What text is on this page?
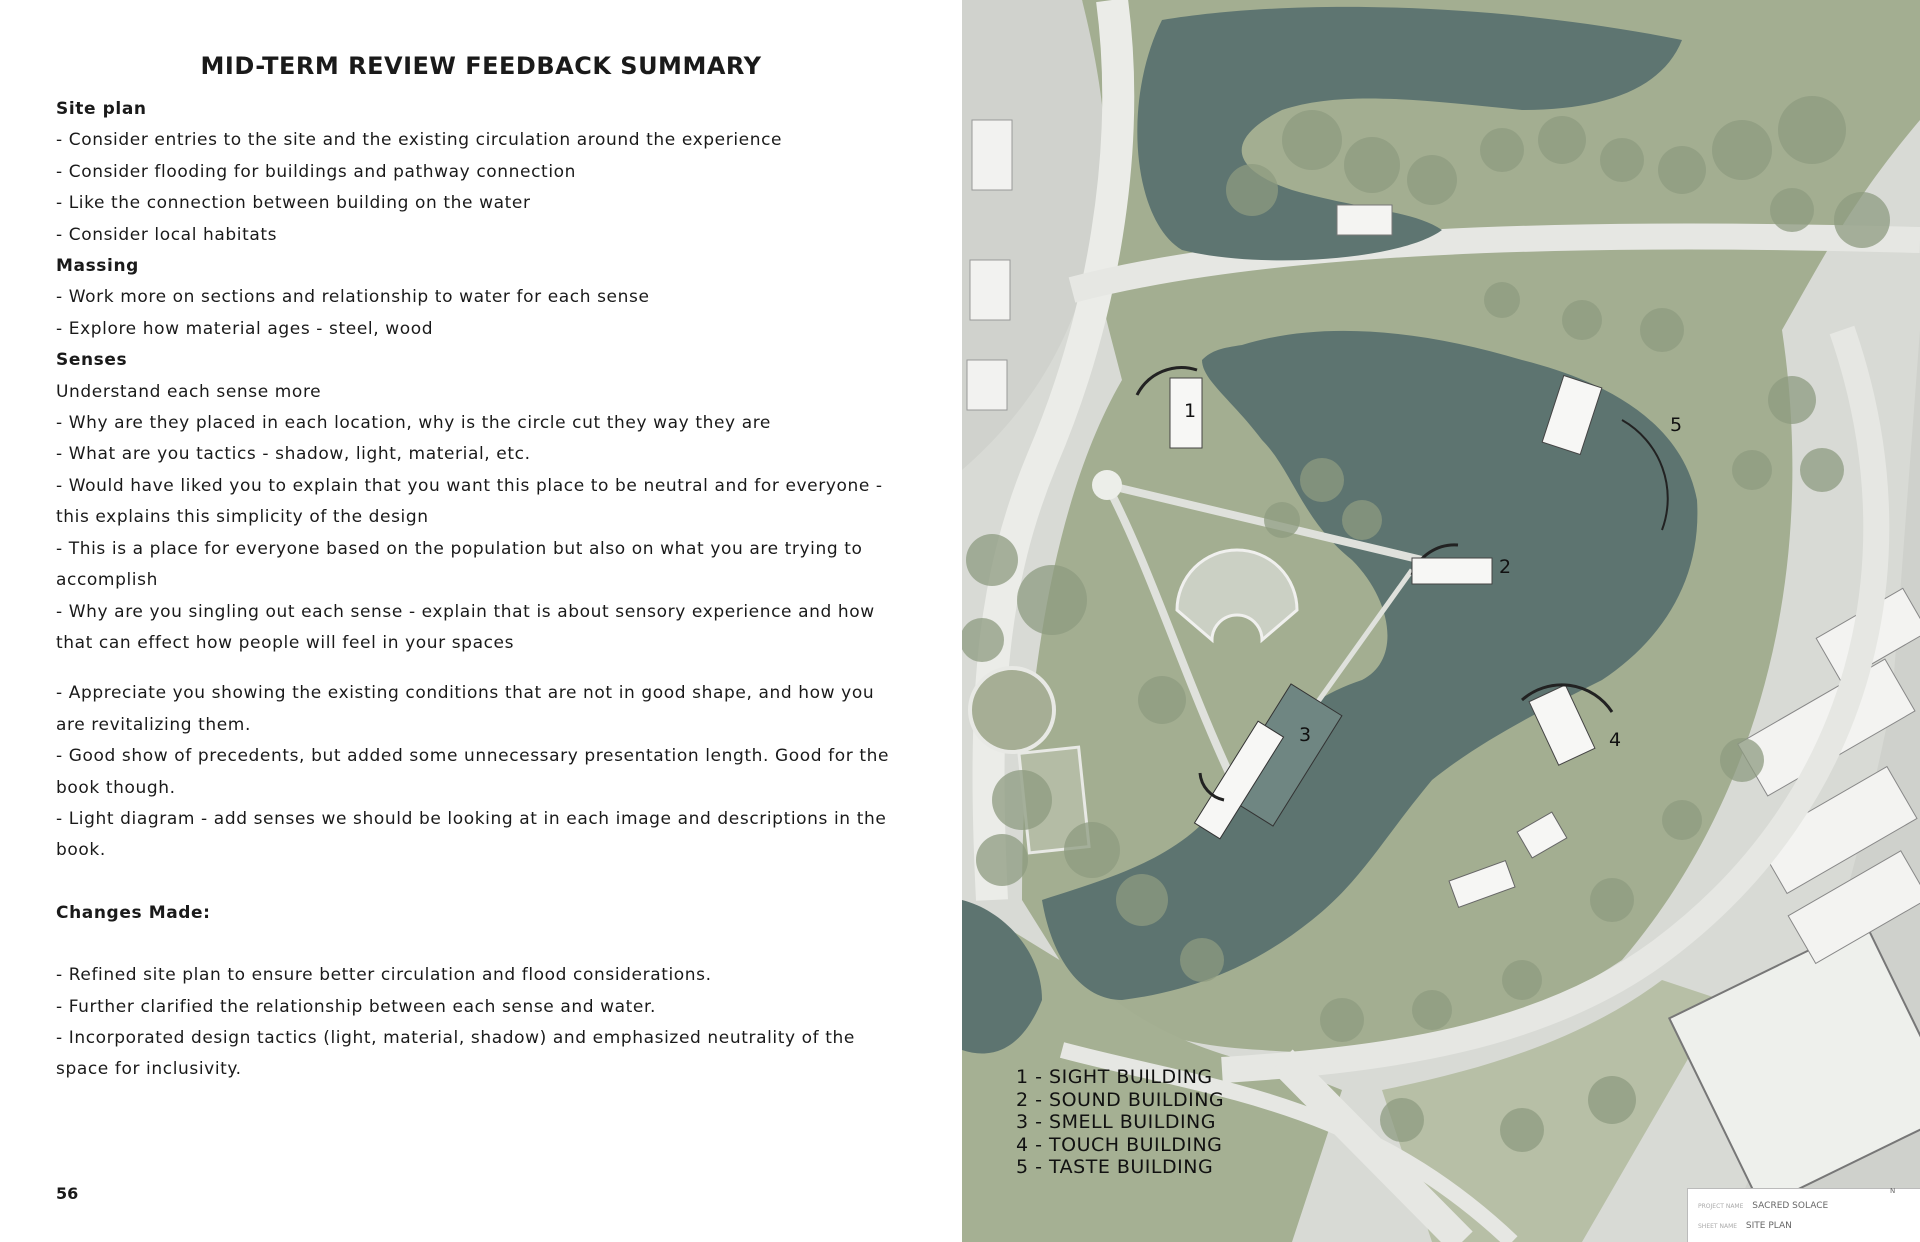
MID-TERM REVIEW FEEDBACK SUMMARY

Site plan

- Consider entries to the site and the existing circulation around the experience

- Consider flooding for buildings and pathway connection

- Like the connection between building on the water

- Consider local habitats

Massing

- Work more on sections and relationship to water for each sense

- Explore how material ages - steel, wood

Senses

Understand each sense more

- Why are they placed in each location, why is the circle cut they way they are

- What are you tactics - shadow, light, material, etc.

- Would have liked you to explain that you want this place to be neutral and for everyone - this explains this simplicity of the design

- This is a place for everyone based on the population but also on what you are trying to accomplish

- Why are you singling out each sense - explain that is about sensory experience and how that can effect how people will feel in your spaces

- Appreciate you showing the existing conditions that are not in good shape, and how you are revitalizing them.

- Good show of precedents, but added some unnecessary presentation length. Good for the book though.

- Light diagram - add senses we should be looking at in each image and descriptions in the book.

Changes Made:

- Refined site plan to ensure better circulation and flood considerations.

- Further clarified the relationship between each sense and water.

- Incorporated design tactics (light, material, shadow) and emphasized neutrality of the space for inclusivity.

56
1
2
3	4
5
1 - SIGHT BUILDING
2 - SOUND BUILDING
3 - SMELL BUILDING
4 - TOUCH BUILDING
5 - TASTE BUILDING
PROJECT NAME SACRED SOLACE
SHEET NAME SITE PLAN
N
